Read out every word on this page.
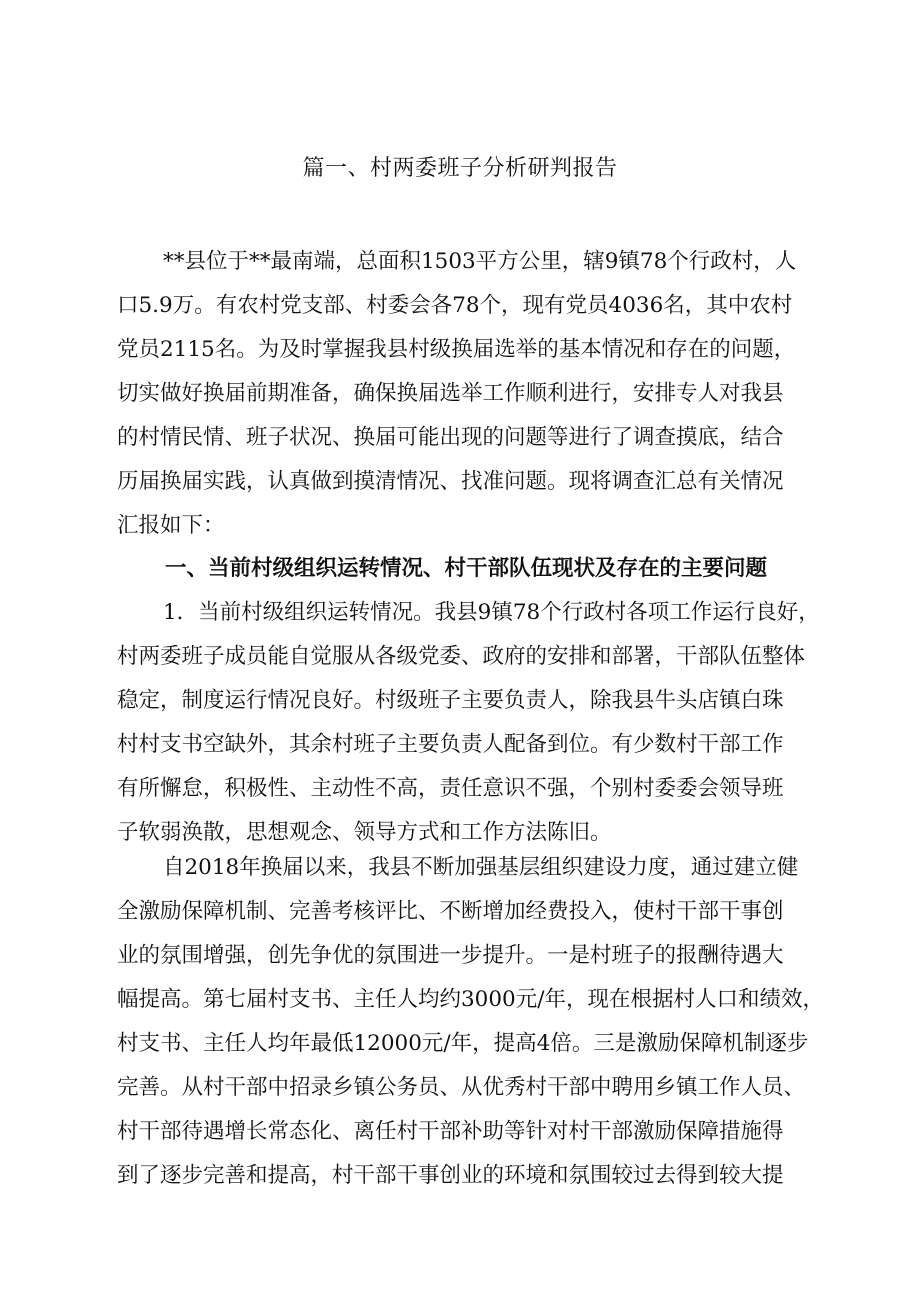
篇一、村两委班子分析研判报告
**县位于**最南端，总面积1503平方公里，辖9镇78个行政村，人
口5.9万。有农村党支部、村委会各78个，现有党员4036名，其中农村
党员2115名。为及时掌握我县村级换届选举的基本情况和存在的问题，
切实做好换届前期准备，确保换届选举工作顺利进行，安排专人对我县
的村情民情、班子状况、换届可能出现的问题等进行了调查摸底，结合
历届换届实践，认真做到摸清情况、找准问题。现将调查汇总有关情况
汇报如下：
一、当前村级组织运转情况、村干部队伍现状及存在的主要问题
1．当前村级组织运转情况。我县9镇78个行政村各项工作运行良好，
村两委班子成员能自觉服从各级党委、政府的安排和部署，干部队伍整体
稳定，制度运行情况良好。村级班子主要负责人，除我县牛头店镇白珠
村村支书空缺外，其余村班子主要负责人配备到位。有少数村干部工作
有所懈怠，积极性、主动性不高，责任意识不强，个别村委委会领导班
子软弱涣散，思想观念、领导方式和工作方法陈旧。
自2018年换届以来，我县不断加强基层组织建设力度，通过建立健
全激励保障机制、完善考核评比、不断增加经费投入，使村干部干事创
业的氛围增强，创先争优的氛围进一步提升。一是村班子的报酬待遇大
幅提高。第七届村支书、主任人均约3000元/年，现在根据村人口和绩效，
村支书、主任人均年最低12000元/年，提高4倍。三是激励保障机制逐步
完善。从村干部中招录乡镇公务员、从优秀村干部中聘用乡镇工作人员、
村干部待遇增长常态化、离任村干部补助等针对村干部激励保障措施得
到了逐步完善和提高，村干部干事创业的环境和氛围较过去得到较大提
